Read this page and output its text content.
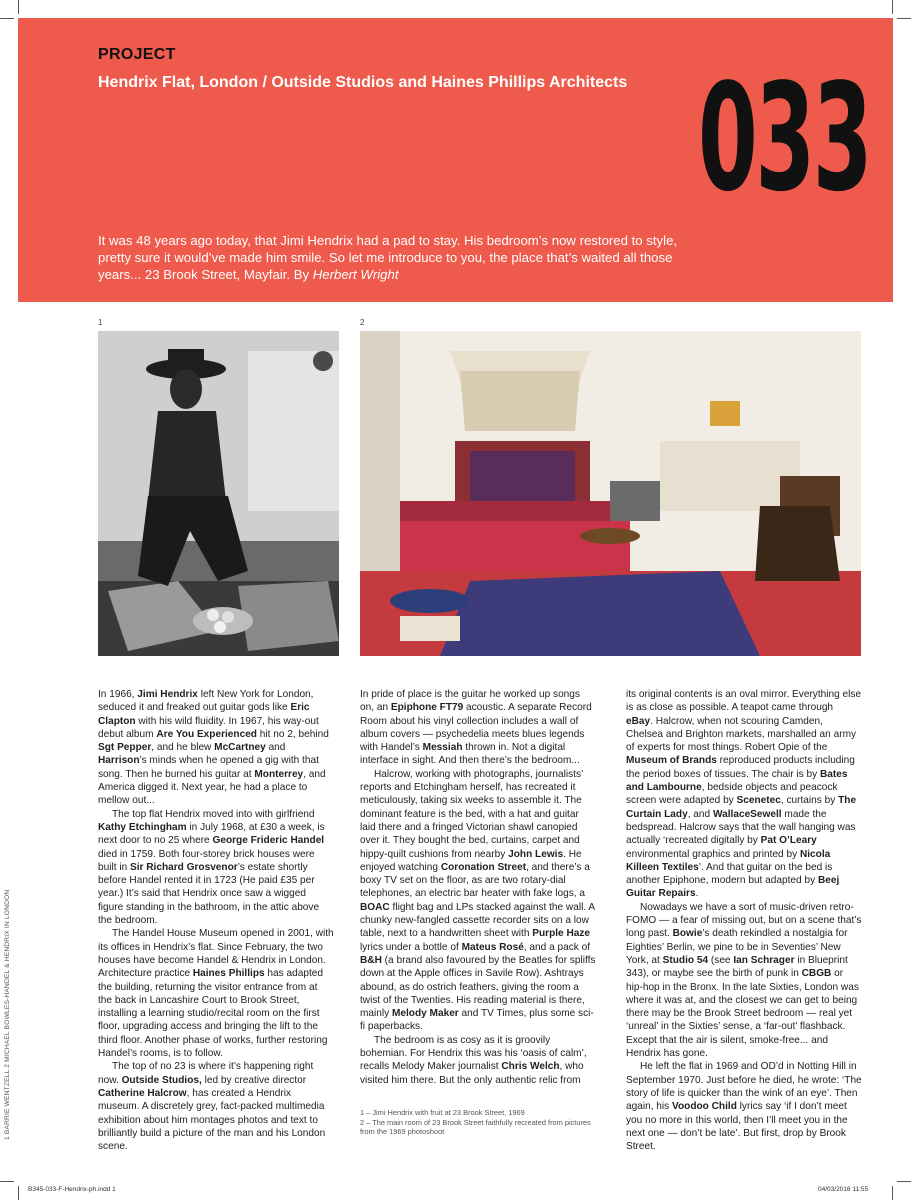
PROJECT
Hendrix Flat, London / Outside Studios and Haines Phillips Architects 033
It was 48 years ago today, that Jimi Hendrix had a pad to stay. His bedroom’s now restored to style, pretty sure it would’ve made him smile. So let me introduce to you, the place that’s waited all those years... 23 Brook Street, Mayfair. By Herbert Wright
1	2

In 1966, Jimi Hendrix left New York for London, seduced it and freaked out guitar gods like Eric Clapton with his wild fluidity. In 1967, his way-out debut album Are You Experienced hit no 2, behind Sgt Pepper, and he blew McCartney and Harrison’s minds when he opened a gig with that song. Then he burned his guitar at Monterrey, and America digged it. Next year, he had a place to mellow out...

The top flat Hendrix moved into with girlfriend Kathy Etchingham in July 1968, at £30 a week, is next door to no 25 where George Frideric Handel died in 1759. Both four-storey brick houses were built in Sir Richard Grosvenor’s estate shortly before Handel rented it in 1723 (He paid £35 per year.) It’s said that Hendrix once saw a wigged figure standing in the bathroom, in the attic above the bedroom.

The Handel House Museum opened in 2001, with its offices in Hendrix’s flat. Since February, the two houses have become Handel & Hendrix in London. Architecture practice Haines Phillips has adapted the building, returning the visitor entrance from at the back in Lancashire Court to Brook Street, installing a learning studio/recital room on the first floor, upgrading access and bringing the lift to the third floor. Another phase of works, further restoring Handel’s rooms, is to follow.

The top of no 23 is where it’s happening right now. Outside Studios, led by creative director Catherine Halcrow, has created a Hendrix museum. A discretely grey, fact-packed multimedia exhibition about him montages photos and text to brilliantly build a picture of the man and his London scene.

In pride of place is the guitar he worked up songs on, an Epiphone FT79 acoustic. A separate Record Room about his vinyl collection includes a wall of album covers — psychedelia meets blues legends with Handel’s Messiah thrown in. Not a digital interface in sight. And then there’s the bedroom...

Halcrow, working with photographs, journalists’ reports and Etchingham herself, has recreated it meticulously, taking six weeks to assemble it. The dominant feature is the bed, with a hat and guitar laid there and a fringed Victorian shawl canopied over it. They bought the bed, curtains, carpet and hippy-quilt cushions from nearby John Lewis. He enjoyed watching Coronation Street, and there’s a boxy TV set on the floor, as are two rotary-dial telephones, an electric bar heater with fake logs, a BOAC flight bag and LPs stacked against the wall. A chunky new-fangled cassette recorder sits on a low table, next to a handwritten sheet with Purple Haze lyrics under a bottle of Mateus Rosé, and a pack of B&H (a brand also favoured by the Beatles for spliffs down at the Apple offices in Savile Row). Ashtrays abound, as do ostrich feathers, giving the room a twist of the Twenties. His reading material is there, mainly Melody Maker and TV Times, plus some sci-fi paperbacks.

The bedroom is as cosy as it is groovily bohemian. For Hendrix this was his ‘oasis of calm’, recalls Melody Maker journalist Chris Welch, who visited him there. But the only authentic relic from

its original contents is an oval mirror. Everything else is as close as possible. A teapot came through eBay. Halcrow, when not scouring Camden, Chelsea and Brighton markets, marshalled an army of experts for most things. Robert Opie of the Museum of Brands reproduced products including the period boxes of tissues. The chair is by Bates and Lambourne, bedside objects and peacock screen were adapted by Scenetec, curtains by The Curtain Lady, and WallaceSewell made the bedspread. Halcrow says that the wall hanging was actually ‘recreated digitally by Pat O’Leary environmental graphics and printed by Nicola Killeen Textiles’. And that guitar on the bed is another Epiphone, modern but adapted by Beej Guitar Repairs.

Nowadays we have a sort of music-driven retro-FOMO — a fear of missing out, but on a scene that’s long past. Bowie’s death rekindled a nostalgia for Eighties’ Berlin, we pine to be in Seventies’ New York, at Studio 54 (see Ian Schrager in Blueprint 343), or maybe see the birth of punk in CBGB or hip-hop in the Bronx. In the late Sixties, London was where it was at, and the closest we can get to being there may be the Brook Street bedroom — real yet ‘unreal’ in the Sixties’ sense, a ‘far-out’ flashback. Except that the air is silent, smoke-free... and Hendrix has gone.

He left the flat in 1969 and OD’d in Notting Hill in September 1970. Just before he died, he wrote: ‘The story of life is quicker than the wink of an eye’. Then again, his Voodoo Child lyrics say ‘if I don’t meet you no more in this world, then I’ll meet you in the next one — don’t be late’. But first, drop by Brook Street.

1 – Jimi Hendrix with fruit at 23 Brook Street, 1969
2 – The main room of 23 Brook Street faithfully recreated from pictures from the 1969 photoshoot
1 BARRIE WENTZELL 2 MICHAEL BOWLES-HANDEL & HENDRIX IN LONDON
B345-033-F-Hendrix-ph.indd 1	04/03/2016 11:55
